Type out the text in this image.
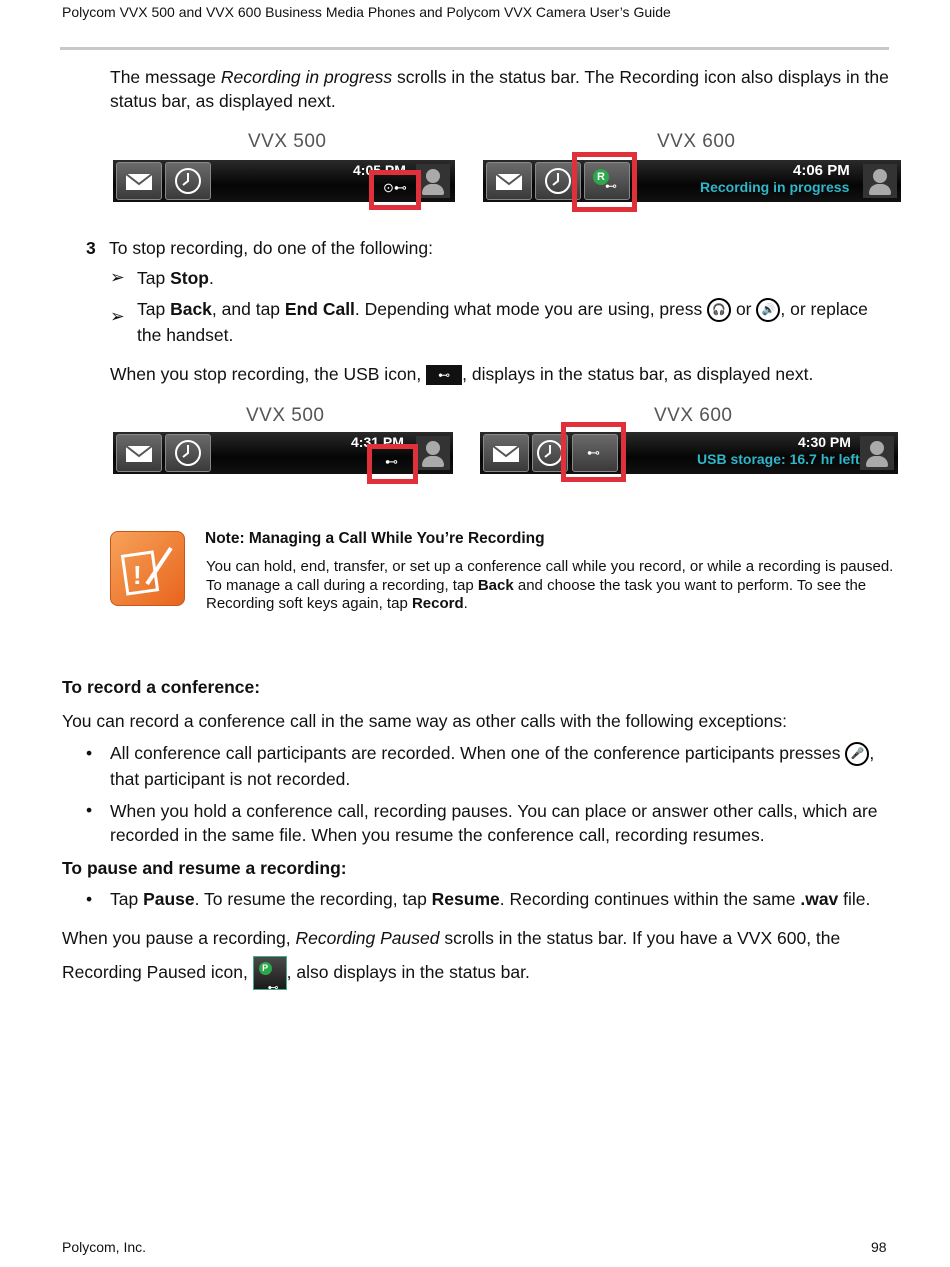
Polycom VVX 500 and VVX 600 Business Media Phones and Polycom VVX Camera User’s Guide
The message Recording in progress scrolls in the status bar. The Recording icon also displays in the status bar, as displayed next.
VVX 500
4:05 PM
⊙⊷
VVX 600
R
⊷
4:06 PM
Recording in progress
3 To stop recording, do one of the following:
➢ Tap Stop.
➢ Tap Back, and tap End Call. Depending what mode you are using, press 🎧 or 🔊 , or replace the handset.
When you stop recording, the USB icon, ⊷ , displays in the status bar, as displayed next.
VVX 500
4:31 PM
⊷
VVX 600
⊷
4:30 PM
USB storage: 16.7 hr left
!
Note: Managing a Call While You’re Recording
You can hold, end, transfer, or set up a conference call while you record, or while a recording is paused. To manage a call during a recording, tap Back and choose the task you want to perform. To see the Recording soft keys again, tap Record.
To record a conference:
You can record a conference call in the same way as other calls with the following exceptions:
• All conference call participants are recorded. When one of the conference participants presses 🎤 , that participant is not recorded.
• When you hold a conference call, recording pauses. You can place or answer other calls, which are recorded in the same file. When you resume the conference call, recording resumes.
To pause and resume a recording:
• Tap Pause. To resume the recording, tap Resume. Recording continues within the same .wav file.
When you pause a recording, Recording Paused scrolls in the status bar. If you have a VVX 600, the Recording Paused icon,	P
⊷
, also displays in the status bar.
Polycom, Inc.	98
